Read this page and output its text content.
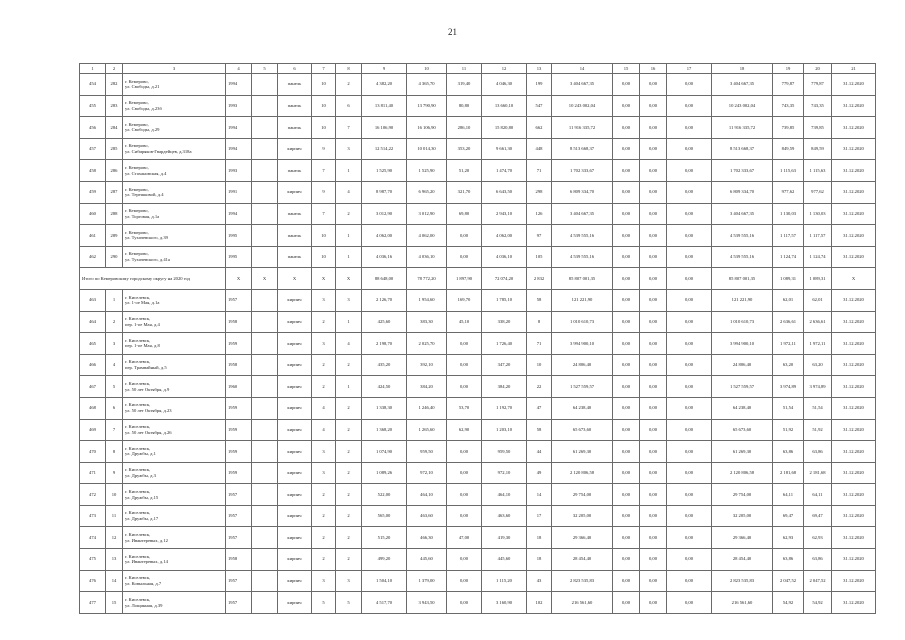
21
1	2	3	4	5	6	7	8	9	10	11	12	13	14	15	16	17	18	19	20	21
454	282	г. Кемерово,
ул. Свободы, д.21	1994		панель	10	2	4 382,20	4 365,70	319,40	4 046,30	199	3 404 667,35	0,00	0,00	0,00	3 404 667,35	779,87	779,87	31.12.2020
455	283	г. Кемерово,
ул. Свободы, д.23б	1993		панель	10	6	13 811,40	13 790,90	80,80	13 660,10	547	10 243 002,04	0,00	0,00	0,00	10 243 002,04	743,35	743,35	31.12.2020
456	284	г. Кемерово,
ул. Свободы, д.29	1994		панель	10	7	16 106,90	16 106,90	286,10	15 820,80	662	11 916 335,72	0,00	0,00	0,00	11 916 335,72	739,85	739,85	31.12.2020
457	285	г. Кемерово,
ул. Сибиряков-Гвардейцев, д.318а	1994		кирпич	9	3	12 514,22	10 014,30	353,20	9 661,30	448	8 513 668,37	0,00	0,00	0,00	8 513 668,37	849,59	849,59	31.12.2020
458	286	г. Кемерово,
ул. Стахановская, д.4	1993		панель	7	1	1 525,90	1 525,90	51,20	1 474,70	71	1 702 333,67	0,00	0,00	0,00	1 702 333,67	1 115,63	1 115,63	31.12.2020
459	287	г. Кемерово,
ул. Терешковой, д.4	1991		кирпич	9	4	8 987,70	6 965,20	321,70	6 643,50	298	6 809 334,70	0,00	0,00	0,00	6 809 334,70	977,62	977,62	31.12.2020
460	288	г. Кемерово,
ул. Торговая, д.1а	1994		панель	7	2	3 012,90	3 012,90	69,80	2 943,10	126	3 404 667,35	0,00	0,00	0,00	3 404 667,35	1 130,03	1 130,03	31.12.2020
461	289	г. Кемерово,
ул. Тухачевского, д.39	1995		панель	10	1	4 062,00	4 062,00	0,00	4 062,00	97	4 539 555,16	0,00	0,00	0,00	4 539 555,16	1 117,57	1 117,57	31.12.2020
462	290	г. Кемерово,
ул. Тухачевского, д.41а	1995		панель	10	1	4 036,16	4 036,10	0,00	4 036,10	105	4 539 555,16	0,00	0,00	0,00	4 539 555,16	1 124,74	1 124,74	31.12.2020
Итого по Кемеровскому городскому округу на 2020 год			X	X	X	X	X	88 648,00	78 772,20	1 897,90	72 074,20	2 832	85 807 001,35	0,00	0,00	0,00	85 807 001,35	1 089,31	1 089,31	X
463	1	г. Киселевск,
ул. 1-ое Мая, д.1а	1957		кирпич	3	3	2 126,70	1 954,60	169,70	1 785,10	58	121 221,90	0,00	0,00	0,00	121 221,90	62,01	62,01	31.12.2020
464	2	г. Киселевск,
пер. 1-ое Мая, д.4	1958		кирпич	2	1	425,60	383,30	45,10	338,20	8	1 010 610,73	0,00	0,00	0,00	1 010 610,73	2 636,61	2 636,61	31.12.2020
465	3	г. Киселевск,
пер. 1-ое Мая, д.8	1959		кирпич	3	4	2 198,70	2 025,70	0,00	1 726,40	71	3 994 900,10	0,00	0,00	0,00	3 994 900,10	1 972,11	1 972,11	31.12.2020
466	4	г. Киселевск,
пер. Трамвайный, д.5	1958		кирпич	2	2	435,20	392,10	0,00	347,20	10	24 806,40	0,00	0,00	0,00	24 806,40	63,20	63,20	31.12.2020
467	5	г. Киселевск,
ул. 50 лет Октября, д.9	1960		кирпич	2	1	424,50	384,20	0,00	384,20	22	1 527 559,57	0,00	0,00	0,00	1 527 559,57	3 974,89	3 974,89	31.12.2020
468	6	г. Киселевск,
ул. 50 лет Октября, д.23	1959		кирпич	4	2	1 338,30	1 246,40	53,70	1 192,70	47	64 238,40	0,00	0,00	0,00	64 238,40	51,54	51,54	31.12.2020
469	7	г. Киселевск,
ул. 50 лет Октября, д.26	1959		кирпич	4	2	1 368,20	1 265,60	62,90	1 203,10	58	65 673,60	0,00	0,00	0,00	65 673,60	51,92	51,92	31.12.2020
470	8	г. Киселевск,
ул. Дружбы, д.1	1959		кирпич	3	2	1 074,90	959,50	0,00	959,50	44	61 269,30	0,00	0,00	0,00	61 269,30	63,86	63,86	31.12.2020
471	9	г. Киселевск,
ул. Дружбы, д.3	1959		кирпич	3	2	1 089,26	972,10	0,00	972,10	49	2 120 806,58	0,00	0,00	0,00	2 120 806,58	2 181,68	2 181,68	31.12.2020
472	10	г. Киселевск,
ул. Дружбы, д.15	1957		кирпич	2	2	522,00	464,10	0,00	464,10	14	29 754,00	0,00	0,00	0,00	29 754,00	64,11	64,11	31.12.2020
473	11	г. Киселевск,
ул. Дружбы, д.17	1957		кирпич	2	2	565,00	463,60	0,00	463,60	17	32 205,00	0,00	0,00	0,00	32 205,00	69,47	69,47	31.12.2020
474	12	г. Киселевск,
ул. Ивантеревых, д.12	1957		кирпич	2	2	515,20	466,30	47,00	419,30	18	29 366,40	0,00	0,00	0,00	29 366,40	62,93	62,93	31.12.2020
475	13	г. Киселевск,
ул. Ивантеревых, д.14	1958		кирпич	2	2	499,20	445,60	0,00	445,60	18	28 454,40	0,00	0,00	0,00	28 454,40	63,86	63,86	31.12.2020
476	14	г. Киселевск,
ул. Ковыльная, д.7	1957		кирпич	3	3	1 504,10	1 379,00	0,00	1 115,20	43	2 823 535,83	0,00	0,00	0,00	2 823 535,83	2 047,52	2 047,52	31.12.2020
477	15	г. Киселевск,
ул. Лощинная, д.39	1957		кирпич	5	5	4 517,70	3 943,50	0,00	3 160,90	102	216 561,60	0,00	0,00	0,00	216 561,60	54,92	54,92	31.12.2020
